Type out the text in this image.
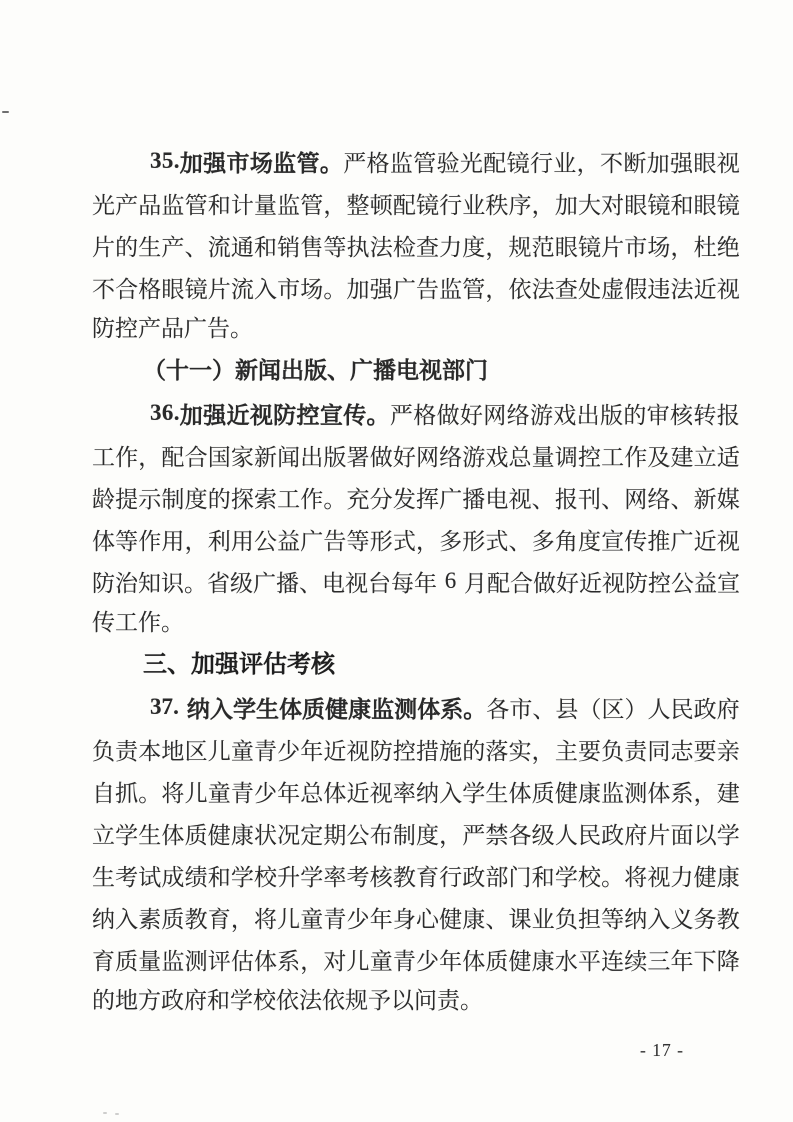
3 5 . 加 强 市 场 监 管 。 严 格 监 管 验 光 配 镜 行 业 ， 不 断 加 强 眼 视
光 产 品 监 管 和 计 量 监 管 ， 整 顿 配 镜 行 业 秩 序 ， 加 大 对 眼 镜 和 眼 镜
片 的 生 产 、 流 通 和 销 售 等 执 法 检 查 力 度 ， 规 范 眼 镜 片 市 场 ， 杜 绝
不 合 格 眼 镜 片 流 入 市 场 。 加 强 广 告 监 管 ， 依 法 查 处 虚 假 违 法 近 视
防控产品广告。
（十一）新闻出版、广播电视部门
3 6 . 加 强 近 视 防 控 宣 传 。 严 格 做 好 网 络 游 戏 出 版 的 审 核 转 报
工 作 ， 配 合 国 家 新 闻 出 版 署 做 好 网 络 游 戏 总 量 调 控 工 作 及 建 立 适
龄 提 示 制 度 的 探 索 工 作 。 充 分 发 挥 广 播 电 视 、 报 刊 、 网 络 、 新 媒
体 等 作 用 ， 利 用 公 益 广 告 等 形 式 ， 多 形 式 、 多 角 度 宣 传 推 广 近 视
防 治 知 识 。 省 级 广 播 、 电 视 台 每 年
6
月 配 合 做 好 近 视 防 控 公 益 宣
传工作。
三、加强评估考核
3 7 .
纳 入 学 生 体 质 健 康 监 测 体 系 。 各 市 、 县 （ 区 ） 人 民 政 府
负 责 本 地 区 儿 童 青 少 年 近 视 防 控 措 施 的 落 实 ， 主 要 负 责 同 志 要 亲
自 抓 。 将 儿 童 青 少 年 总 体 近 视 率 纳 入 学 生 体 质 健 康 监 测 体 系 ， 建
立 学 生 体 质 健 康 状 况 定 期 公 布 制 度 ， 严 禁 各 级 人 民 政 府 片 面 以 学
生 考 试 成 绩 和 学 校 升 学 率 考 核 教 育 行 政 部 门 和 学 校 。 将 视 力 健 康
纳 入 素 质 教 育 ， 将 儿 童 青 少 年 身 心 健 康 、 课 业 负 担 等 纳 入 义 务 教
育 质 量 监 测 评 估 体 系 ， 对 儿 童 青 少 年 体 质 健 康 水 平 连 续 三 年 下 降
的地方政府和学校依法依规予以问责。
- 17 -
